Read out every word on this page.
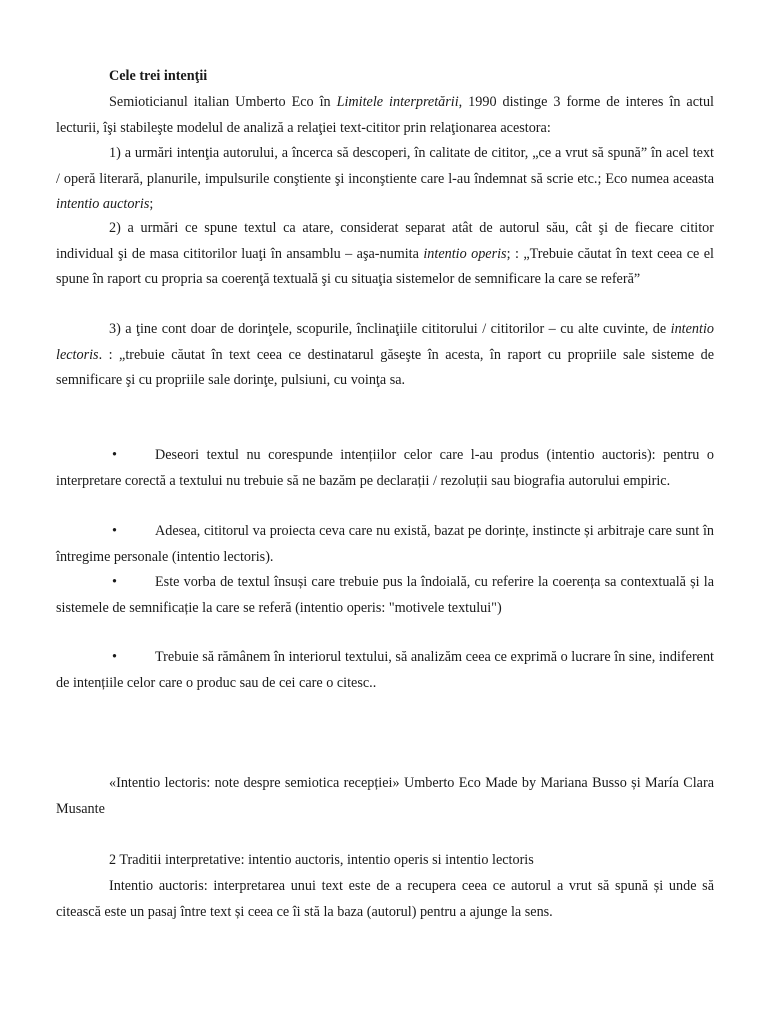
Cele trei intenţii

Semioticianul italian Umberto Eco în Limitele interpretării, 1990 distinge 3 forme de interes în actul lecturii, îşi stabileşte modelul de analiză a relaţiei text-cititor prin relaţionarea acestora:

1) a urmări intenţia autorului, a încerca să descoperi, în calitate de cititor, „ce a vrut să spună” în acel text / operă literară, planurile, impulsurile conştiente şi inconştiente care l-au îndemnat să scrie etc.; Eco numea aceasta intentio auctoris;

2) a urmări ce spune textul ca atare, considerat separat atât de autorul său, cât şi de fiecare cititor individual şi de masa cititorilor luaţi în ansamblu – aşa-numita intentio operis; : „Trebuie căutat în text ceea ce el spune în raport cu propria sa coerenţă textuală şi cu situaţia sistemelor de semnificare la care se referă”

3) a ţine cont doar de dorinţele, scopurile, înclinaţiile cititorului / cititorilor – cu alte cuvinte, de intentio lectoris. : „trebuie căutat în text ceea ce destinatarul găseşte în acesta, în raport cu propriile sale sisteme de semnificare şi cu propriile sale dorinţe, pulsiuni, cu voinţa sa.

•	Deseori textul nu corespunde intențiilor celor care l-au produs (intentio auctoris): pentru o interpretare corectă a textului nu trebuie să ne bazăm pe declarații / rezoluții sau biografia autorului empiric.
•	Adesea, cititorul va proiecta ceva care nu există, bazat pe dorințe, instincte și arbitraje care sunt în întregime personale (intentio lectoris).
•	Este vorba de textul însuși care trebuie pus la îndoială, cu referire la coerența sa contextuală și la sistemele de semnificație la care se referă (intentio operis: "motivele textului")
•	Trebuie să rămânem în interiorul textului, să analizăm ceea ce exprimă o lucrare în sine, indiferent de intențiile celor care o produc sau de cei care o citesc..

«Intentio lectoris: note despre semiotica recepției» Umberto Eco Made by Mariana Busso și María Clara Musante

2 Traditii interpretative: intentio auctoris, intentio operis si intentio lectoris

Intentio auctoris: interpretarea unui text este de a recupera ceea ce autorul a vrut să spună și unde să citească este un pasaj între text și ceea ce îi stă la baza (autorul) pentru a ajunge la sens.
